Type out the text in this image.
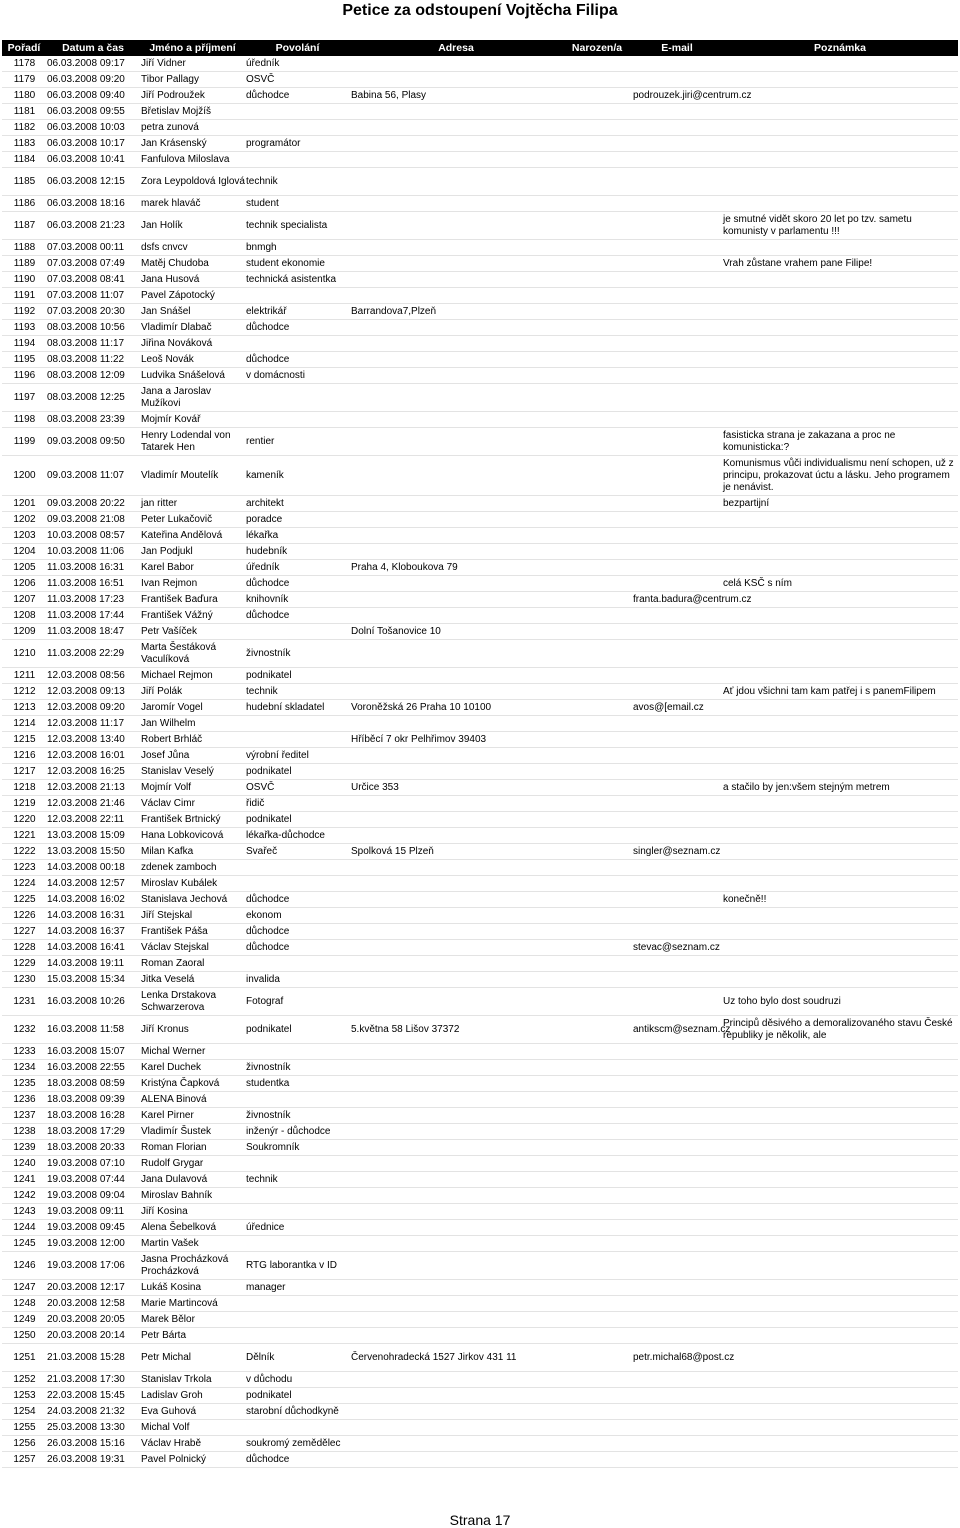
Petice za odstoupení Vojtěcha Filipa
Pořadí	Datum a čas	Jméno a příjmení	Povolání	Adresa	Narozen/a	E-mail	Poznámka
1178	06.03.2008 09:17	Jiří Vidner	úředník				
1179	06.03.2008 09:20	Tibor Pallagy	OSVČ				
1180	06.03.2008 09:40	Jiří Podroužek	důchodce	Babina 56, Plasy		podrouzek.jiri@centrum.cz	
1181	06.03.2008 09:55	Břetislav Mojžíš					
1182	06.03.2008 10:03	petra zunová					
1183	06.03.2008 10:17	Jan Krásenský	programátor				
1184	06.03.2008 10:41	Fanfulova Miloslava					
1185	06.03.2008 12:15	Zora Leypoldová Iglová	technik				
1186	06.03.2008 18:16	marek hlaváč	student				
1187	06.03.2008 21:23	Jan Holík	technik specialista				je smutné vidět skoro 20 let po tzv. sametu komunisty v parlamentu !!!
1188	07.03.2008 00:11	dsfs cnvcv	bnmgh				
1189	07.03.2008 07:49	Matěj Chudoba	student ekonomie				Vrah zůstane vrahem pane Filipe!
1190	07.03.2008 08:41	Jana Husová	technická asistentka				
1191	07.03.2008 11:07	Pavel Zápotocký					
1192	07.03.2008 20:30	Jan Snášel	elektrikář	Barrandova7,Plzeň			
1193	08.03.2008 10:56	Vladimír Dlabač	důchodce				
1194	08.03.2008 11:17	Jiřina Nováková					
1195	08.03.2008 11:22	Leoš Novák	důchodce				
1196	08.03.2008 12:09	Ludvika Snášelová	v domácnosti				
1197	08.03.2008 12:25	Jana a Jaroslav Mužíkovi					
1198	08.03.2008 23:39	Mojmír Kovář					
1199	09.03.2008 09:50	Henry Lodendal von Tatarek Hen	rentier				fasisticka strana je zakazana a proc ne komunisticka:?
1200	09.03.2008 11:07	Vladimír Moutelík	kameník				Komunismus vůči individualismu není schopen, už z principu, prokazovat úctu a lásku. Jeho programem je nenávist.
1201	09.03.2008 20:22	jan ritter	architekt				bezpartijní
1202	09.03.2008 21:08	Peter Lukačovič	poradce				
1203	10.03.2008 08:57	Kateřina Andělová	lékařka				
1204	10.03.2008 11:06	Jan Podjukl	hudebník				
1205	11.03.2008 16:31	Karel Babor	úředník	Praha 4, Kloboukova 79			
1206	11.03.2008 16:51	Ivan Rejmon	důchodce				celá KSČ s ním
1207	11.03.2008 17:23	František Baďura	knihovník			franta.badura@centrum.cz	
1208	11.03.2008 17:44	František Vážný	důchodce				
1209	11.03.2008 18:47	Petr Vašíček		Dolní Tošanovice 10			
1210	11.03.2008 22:29	Marta Šestáková Vaculíková	živnostník				
1211	12.03.2008 08:56	Michael Rejmon	podnikatel				
1212	12.03.2008 09:13	Jiří Polák	technik				Ať jdou všichni tam kam patřej i s panemFilipem
1213	12.03.2008 09:20	Jaromír Vogel	hudební skladatel	Voroněžská 26 Praha 10 10100		avos@[email.cz	
1214	12.03.2008 11:17	Jan Wilhelm					
1215	12.03.2008 13:40	Robert Brhláč		Hříběcí 7 okr Pelhřimov 39403			
1216	12.03.2008 16:01	Josef Jůna	výrobní ředitel				
1217	12.03.2008 16:25	Stanislav Veselý	podnikatel				
1218	12.03.2008 21:13	Mojmír Volf	OSVČ	Určice 353			a stačilo by jen:všem stejným metrem
1219	12.03.2008 21:46	Václav Cimr	řidič				
1220	12.03.2008 22:11	František Brtnický	podnikatel				
1221	13.03.2008 15:09	Hana Lobkovicová	lékařka-důchodce				
1222	13.03.2008 15:50	Milan Kafka	Svařeč	Spolková 15 Plzeň		singler@seznam.cz	
1223	14.03.2008 00:18	zdenek zamboch					
1224	14.03.2008 12:57	Miroslav Kubálek					
1225	14.03.2008 16:02	Stanislava Jechová	důchodce				konečně!!
1226	14.03.2008 16:31	Jiří Stejskal	ekonom				
1227	14.03.2008 16:37	František Páša	důchodce				
1228	14.03.2008 16:41	Václav Stejskal	důchodce			stevac@seznam.cz	
1229	14.03.2008 19:11	Roman Zaoral					
1230	15.03.2008 15:34	Jitka Veselá	invalida				
1231	16.03.2008 10:26	Lenka Drstakova Schwarzerova	Fotograf				Uz toho bylo dost soudruzi
1232	16.03.2008 11:58	Jiří Kronus	podnikatel	5.května 58 Lišov 37372		antikscm@seznam.cz	Principů děsivého a demoralizovaného stavu České republiky je několik, ale
1233	16.03.2008 15:07	Michal Werner					
1234	16.03.2008 22:55	Karel Duchek	živnostník				
1235	18.03.2008 08:59	Kristýna Čapková	studentka				
1236	18.03.2008 09:39	ALENA Binová					
1237	18.03.2008 16:28	Karel Pirner	živnostník				
1238	18.03.2008 17:29	Vladimír Šustek	inženýr - důchodce				
1239	18.03.2008 20:33	Roman Florian	Soukromník				
1240	19.03.2008 07:10	Rudolf Grygar					
1241	19.03.2008 07:44	Jana Dulavová	technik				
1242	19.03.2008 09:04	Miroslav Bahník					
1243	19.03.2008 09:11	Jiří Kosina					
1244	19.03.2008 09:45	Alena Šebelková	úřednice				
1245	19.03.2008 12:00	Martin Vašek					
1246	19.03.2008 17:06	Jasna Procházková Procházková	RTG laborantka v ID				
1247	20.03.2008 12:17	Lukáš Kosina	manager				
1248	20.03.2008 12:58	Marie Martincová					
1249	20.03.2008 20:05	Marek Bělor					
1250	20.03.2008 20:14	Petr Bárta					
1251	21.03.2008 15:28	Petr Michal	Dělník	Červenohradecká 1527 Jirkov 431 11		petr.michal68@post.cz	
1252	21.03.2008 17:30	Stanislav Trkola	v důchodu				
1253	22.03.2008 15:45	Ladislav Groh	podnikatel				
1254	24.03.2008 21:32	Eva Guhová	starobní důchodkyně				
1255	25.03.2008 13:30	Michal Volf					
1256	26.03.2008 15:16	Václav Hrabě	soukromý zemědělec				
1257	26.03.2008 19:31	Pavel Polnický	důchodce				
Strana 17
